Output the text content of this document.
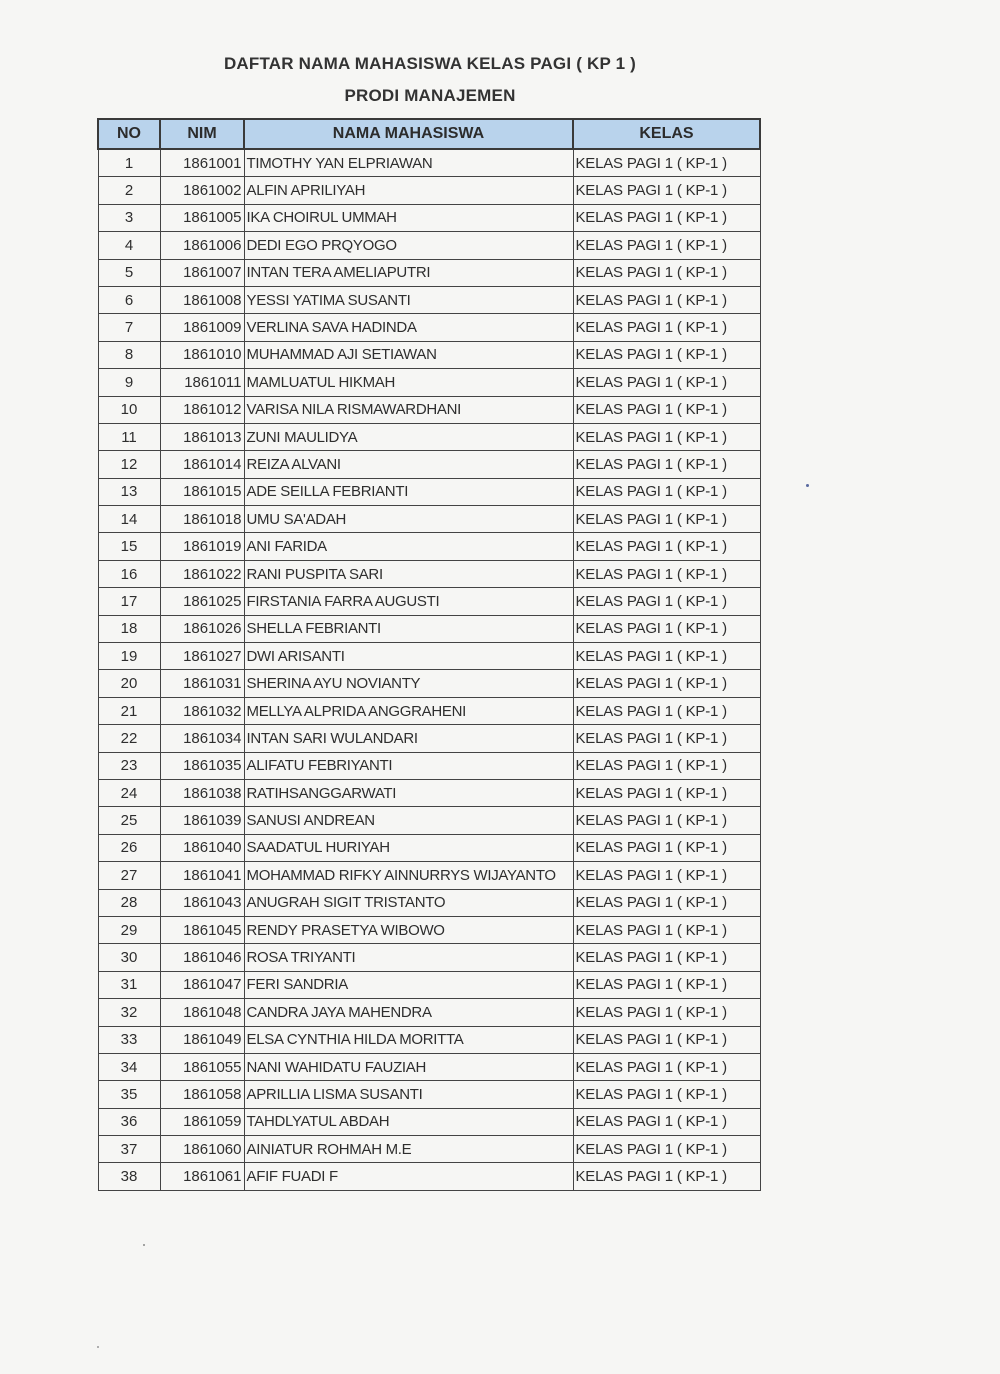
DAFTAR NAMA MAHASISWA KELAS PAGI ( KP 1 )
PRODI MANAJEMEN
NO	NIM	NAMA MAHASISWA	KELAS
1	1861001	TIMOTHY YAN ELPRIAWAN	KELAS PAGI 1 ( KP-1 )
2	1861002	ALFIN APRILIYAH	KELAS PAGI 1 ( KP-1 )
3	1861005	IKA CHOIRUL UMMAH	KELAS PAGI 1 ( KP-1 )
4	1861006	DEDI EGO PRQYOGO	KELAS PAGI 1 ( KP-1 )
5	1861007	INTAN TERA AMELIAPUTRI	KELAS PAGI 1 ( KP-1 )
6	1861008	YESSI YATIMA SUSANTI	KELAS PAGI 1 ( KP-1 )
7	1861009	VERLINA SAVA HADINDA	KELAS PAGI 1 ( KP-1 )
8	1861010	MUHAMMAD AJI SETIAWAN	KELAS PAGI 1 ( KP-1 )
9	1861011	MAMLUATUL HIKMAH	KELAS PAGI 1 ( KP-1 )
10	1861012	VARISA NILA RISMAWARDHANI	KELAS PAGI 1 ( KP-1 )
11	1861013	ZUNI MAULIDYA	KELAS PAGI 1 ( KP-1 )
12	1861014	REIZA ALVANI	KELAS PAGI 1 ( KP-1 )
13	1861015	ADE SEILLA FEBRIANTI	KELAS PAGI 1 ( KP-1 )
14	1861018	UMU SA'ADAH	KELAS PAGI 1 ( KP-1 )
15	1861019	ANI FARIDA	KELAS PAGI 1 ( KP-1 )
16	1861022	RANI PUSPITA SARI	KELAS PAGI 1 ( KP-1 )
17	1861025	FIRSTANIA FARRA AUGUSTI	KELAS PAGI 1 ( KP-1 )
18	1861026	SHELLA FEBRIANTI	KELAS PAGI 1 ( KP-1 )
19	1861027	DWI ARISANTI	KELAS PAGI 1 ( KP-1 )
20	1861031	SHERINA AYU NOVIANTY	KELAS PAGI 1 ( KP-1 )
21	1861032	MELLYA ALPRIDA ANGGRAHENI	KELAS PAGI 1 ( KP-1 )
22	1861034	INTAN SARI WULANDARI	KELAS PAGI 1 ( KP-1 )
23	1861035	ALIFATU FEBRIYANTI	KELAS PAGI 1 ( KP-1 )
24	1861038	RATIHSANGGARWATI	KELAS PAGI 1 ( KP-1 )
25	1861039	SANUSI ANDREAN	KELAS PAGI 1 ( KP-1 )
26	1861040	SAADATUL HURIYAH	KELAS PAGI 1 ( KP-1 )
27	1861041	MOHAMMAD RIFKY AINNURRYS WIJAYANTO	KELAS PAGI 1 ( KP-1 )
28	1861043	ANUGRAH SIGIT TRISTANTO	KELAS PAGI 1 ( KP-1 )
29	1861045	RENDY PRASETYA WIBOWO	KELAS PAGI 1 ( KP-1 )
30	1861046	ROSA TRIYANTI	KELAS PAGI 1 ( KP-1 )
31	1861047	FERI SANDRIA	KELAS PAGI 1 ( KP-1 )
32	1861048	CANDRA JAYA MAHENDRA	KELAS PAGI 1 ( KP-1 )
33	1861049	ELSA CYNTHIA HILDA MORITTA	KELAS PAGI 1 ( KP-1 )
34	1861055	NANI WAHIDATU FAUZIAH	KELAS PAGI 1 ( KP-1 )
35	1861058	APRILLIA LISMA SUSANTI	KELAS PAGI 1 ( KP-1 )
36	1861059	TAHDLYATUL ABDAH	KELAS PAGI 1 ( KP-1 )
37	1861060	AINIATUR ROHMAH M.E	KELAS PAGI 1 ( KP-1 )
38	1861061	AFIF FUADI F	KELAS PAGI 1 ( KP-1 )
